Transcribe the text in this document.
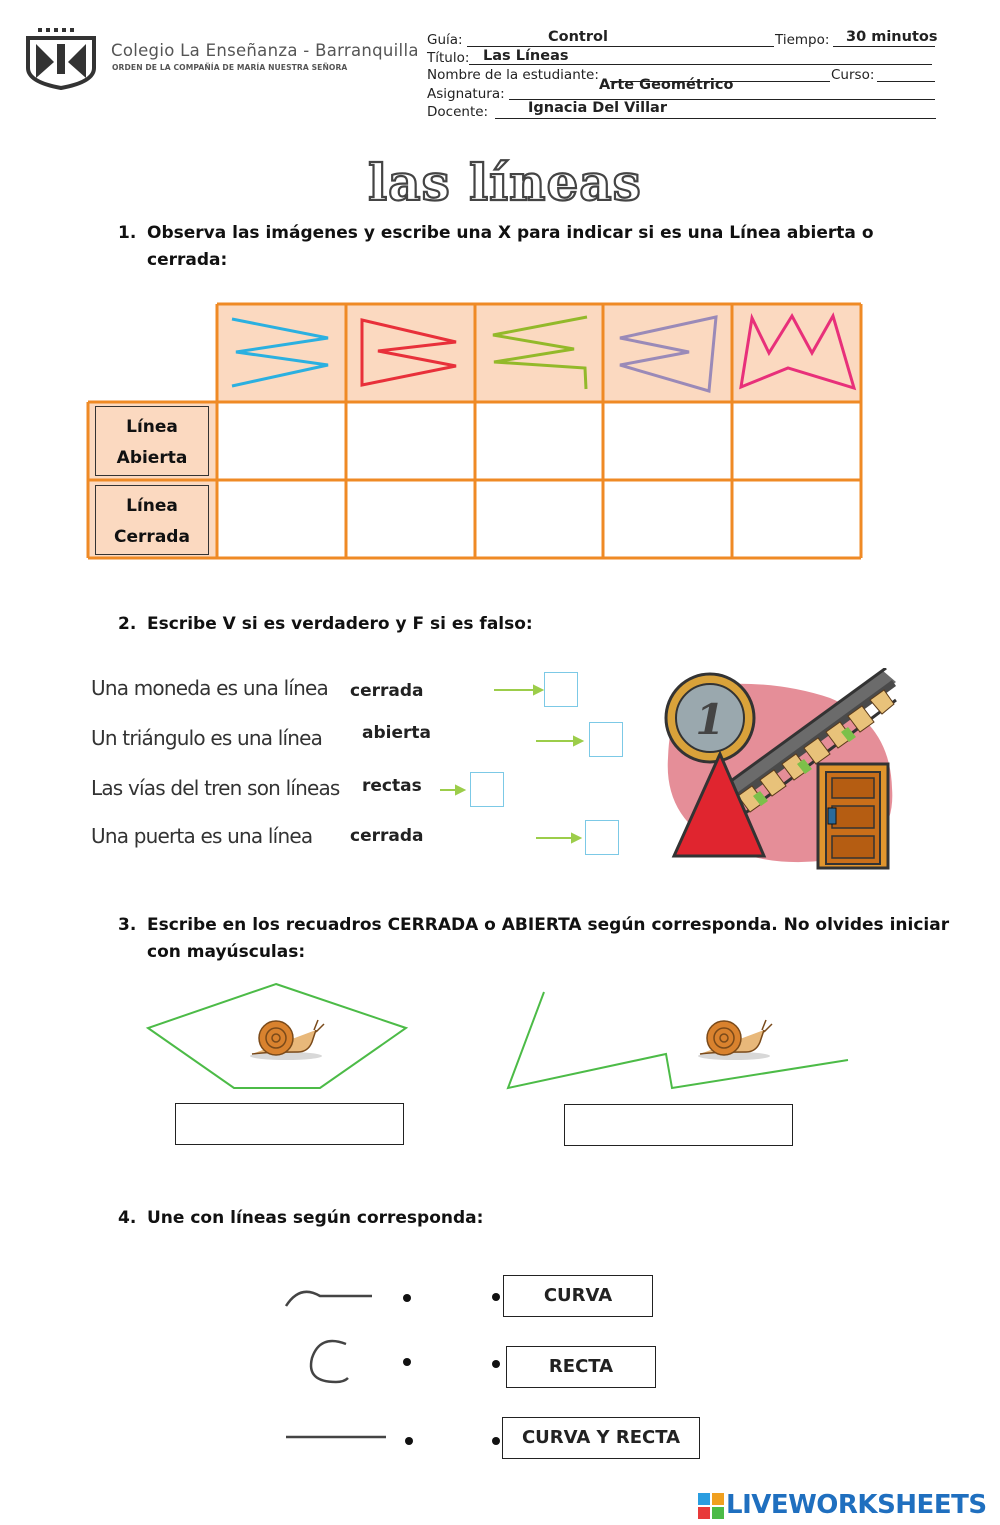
Colegio La Enseñanza - Barranquilla
ORDEN DE LA COMPAÑÍA DE MARÍA NUESTRA SEÑORA
Guía:	Control	Tiempo: 30 minutos
Título: Las Líneas
Nombre de la estudiante:	Curso:
Asignatura:
Arte Geométrico
Docente:	Ignacia Del Villar
las líneas
1. Observa las imágenes y escribe una X para indicar si es una Línea abierta o
cerrada:
Línea
Abierta
Línea
Cerrada
2. Escribe V si es verdadero y F si es falso:
Una moneda es una línea cerrada
Un triángulo es una línea abierta
Las vías del tren son líneas rectas
Una puerta es una línea cerrada
1
3. Escribe en los recuadros CERRADA o ABIERTA según corresponda. No olvides iniciar
con mayúsculas:
4. Une con líneas según corresponda:
CURVA
RECTA
CURVA Y RECTA
LIVEWORKSHEETS
